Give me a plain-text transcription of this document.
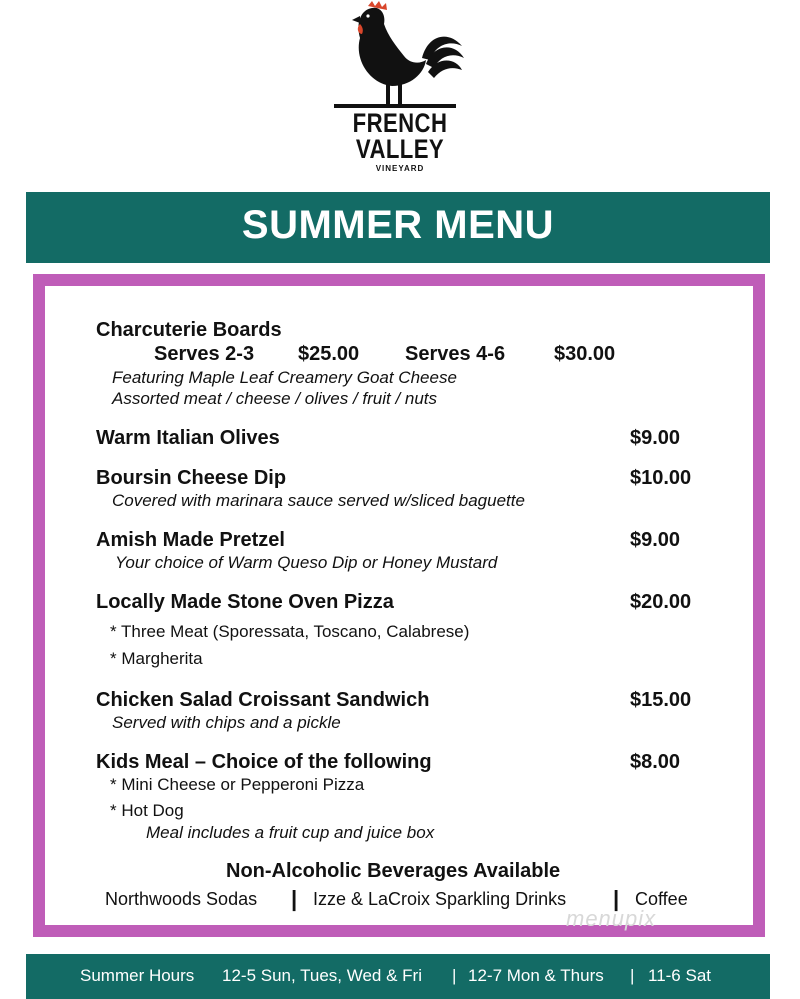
FRENCH
VALLEY
VINEYARD
SUMMER MENU
Charcuterie Boards
Serves 2-3 $25.00 Serves 4-6 $30.00
Featuring Maple Leaf Creamery Goat Cheese
Assorted meat / cheese / olives / fruit / nuts
Warm Italian Olives	$9.00
Boursin Cheese Dip	$10.00
Covered with marinara sauce served w/sliced baguette
Amish Made Pretzel	$9.00
Your choice of Warm Queso Dip or Honey Mustard
Locally Made Stone Oven Pizza	$20.00
* Three Meat (Sporessata, Toscano, Calabrese)
* Margherita
Chicken Salad Croissant Sandwich	$15.00
Served with chips and a pickle
Kids Meal – Choice of the following	$8.00
* Mini Cheese or Pepperoni Pizza
* Hot Dog
Meal includes a fruit cup and juice box
Non-Alcoholic Beverages Available
Northwoods Sodas | Izze & LaCroix Sparkling Drinks | Coffee
menupix
Summer Hours 12-5 Sun, Tues, Wed & Fri | 12-7 Mon & Thurs | 11-6 Sat
